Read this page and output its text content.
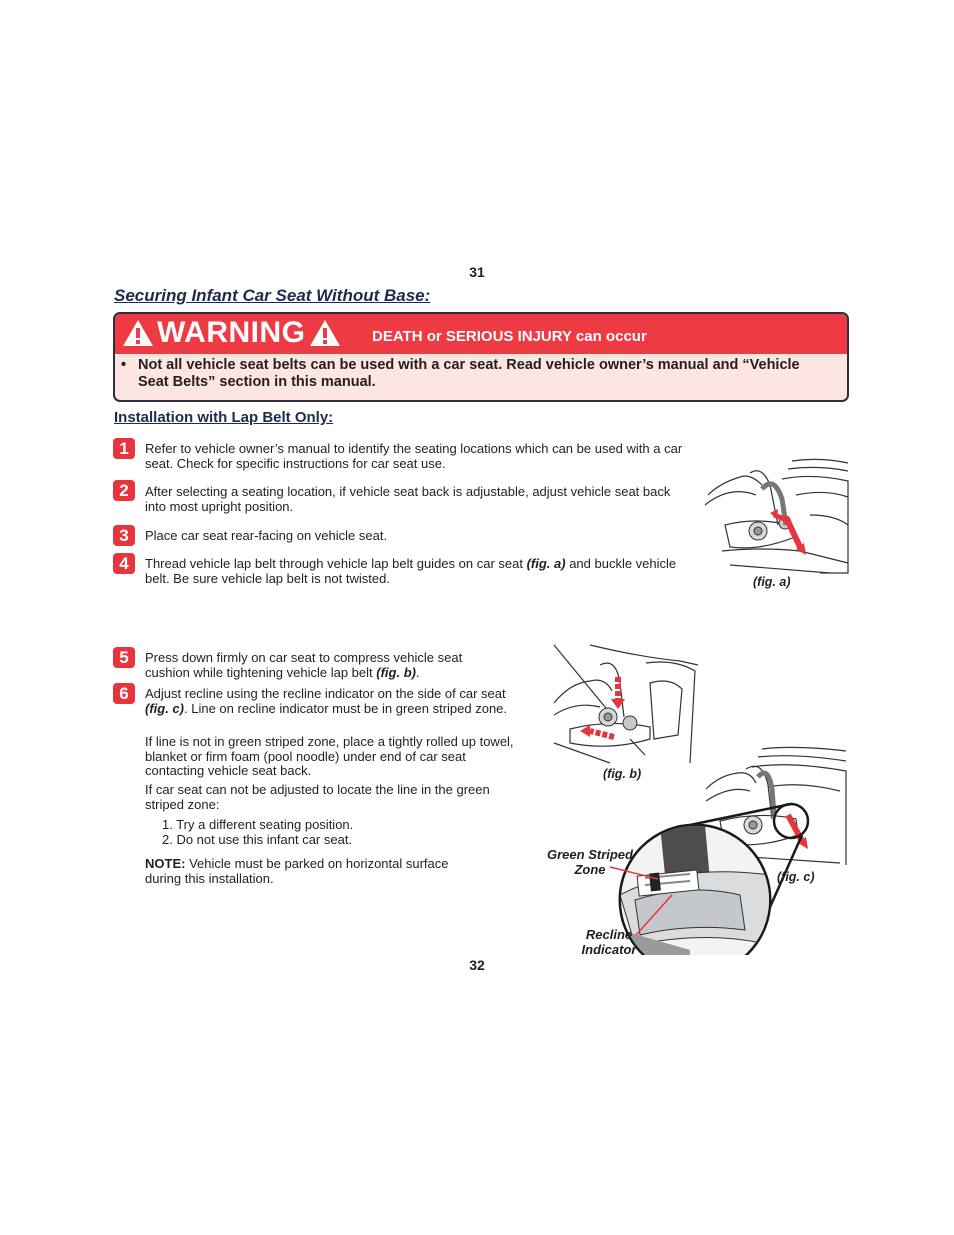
31
Securing Infant Car Seat Without Base:
WARNING	DEATH or SERIOUS INJURY can occur
• Not all vehicle seat belts can be used with a car seat. Read vehicle owner’s manual and “Vehicle Seat Belts” section in this manual.
Installation with Lap Belt Only:
1	Refer to vehicle owner’s manual to identify the seating locations which can be used with a car seat. Check for specific instructions for car seat use.
2	After selecting a seating location, if vehicle seat back is adjustable, adjust vehicle seat back into most upright position.
3	Place car seat rear-facing on vehicle seat.
4	Thread vehicle lap belt through vehicle lap belt guides on car seat (fig. a) and buckle vehicle belt. Be sure vehicle lap belt is not twisted.	(fig. a)
5	Press down firmly on car seat to compress vehicle seat cushion while tightening vehicle lap belt (fig. b).
6	Adjust recline using the recline indicator on the side of car seat (fig. c). Line on recline indicator must be in green striped zone.
If line is not in green striped zone, place a tightly rolled up towel, blanket or firm foam (pool noodle) under end of car seat contacting vehicle seat back.
If car seat can not be adjusted to locate the line in the green striped zone:
1. Try a different seating position.
2. Do not use this infant car seat.
NOTE: Vehicle must be parked on horizontal surface during this installation.
(fig. b)
Green Striped Zone
Recline Indicator
(fig. c)
32
